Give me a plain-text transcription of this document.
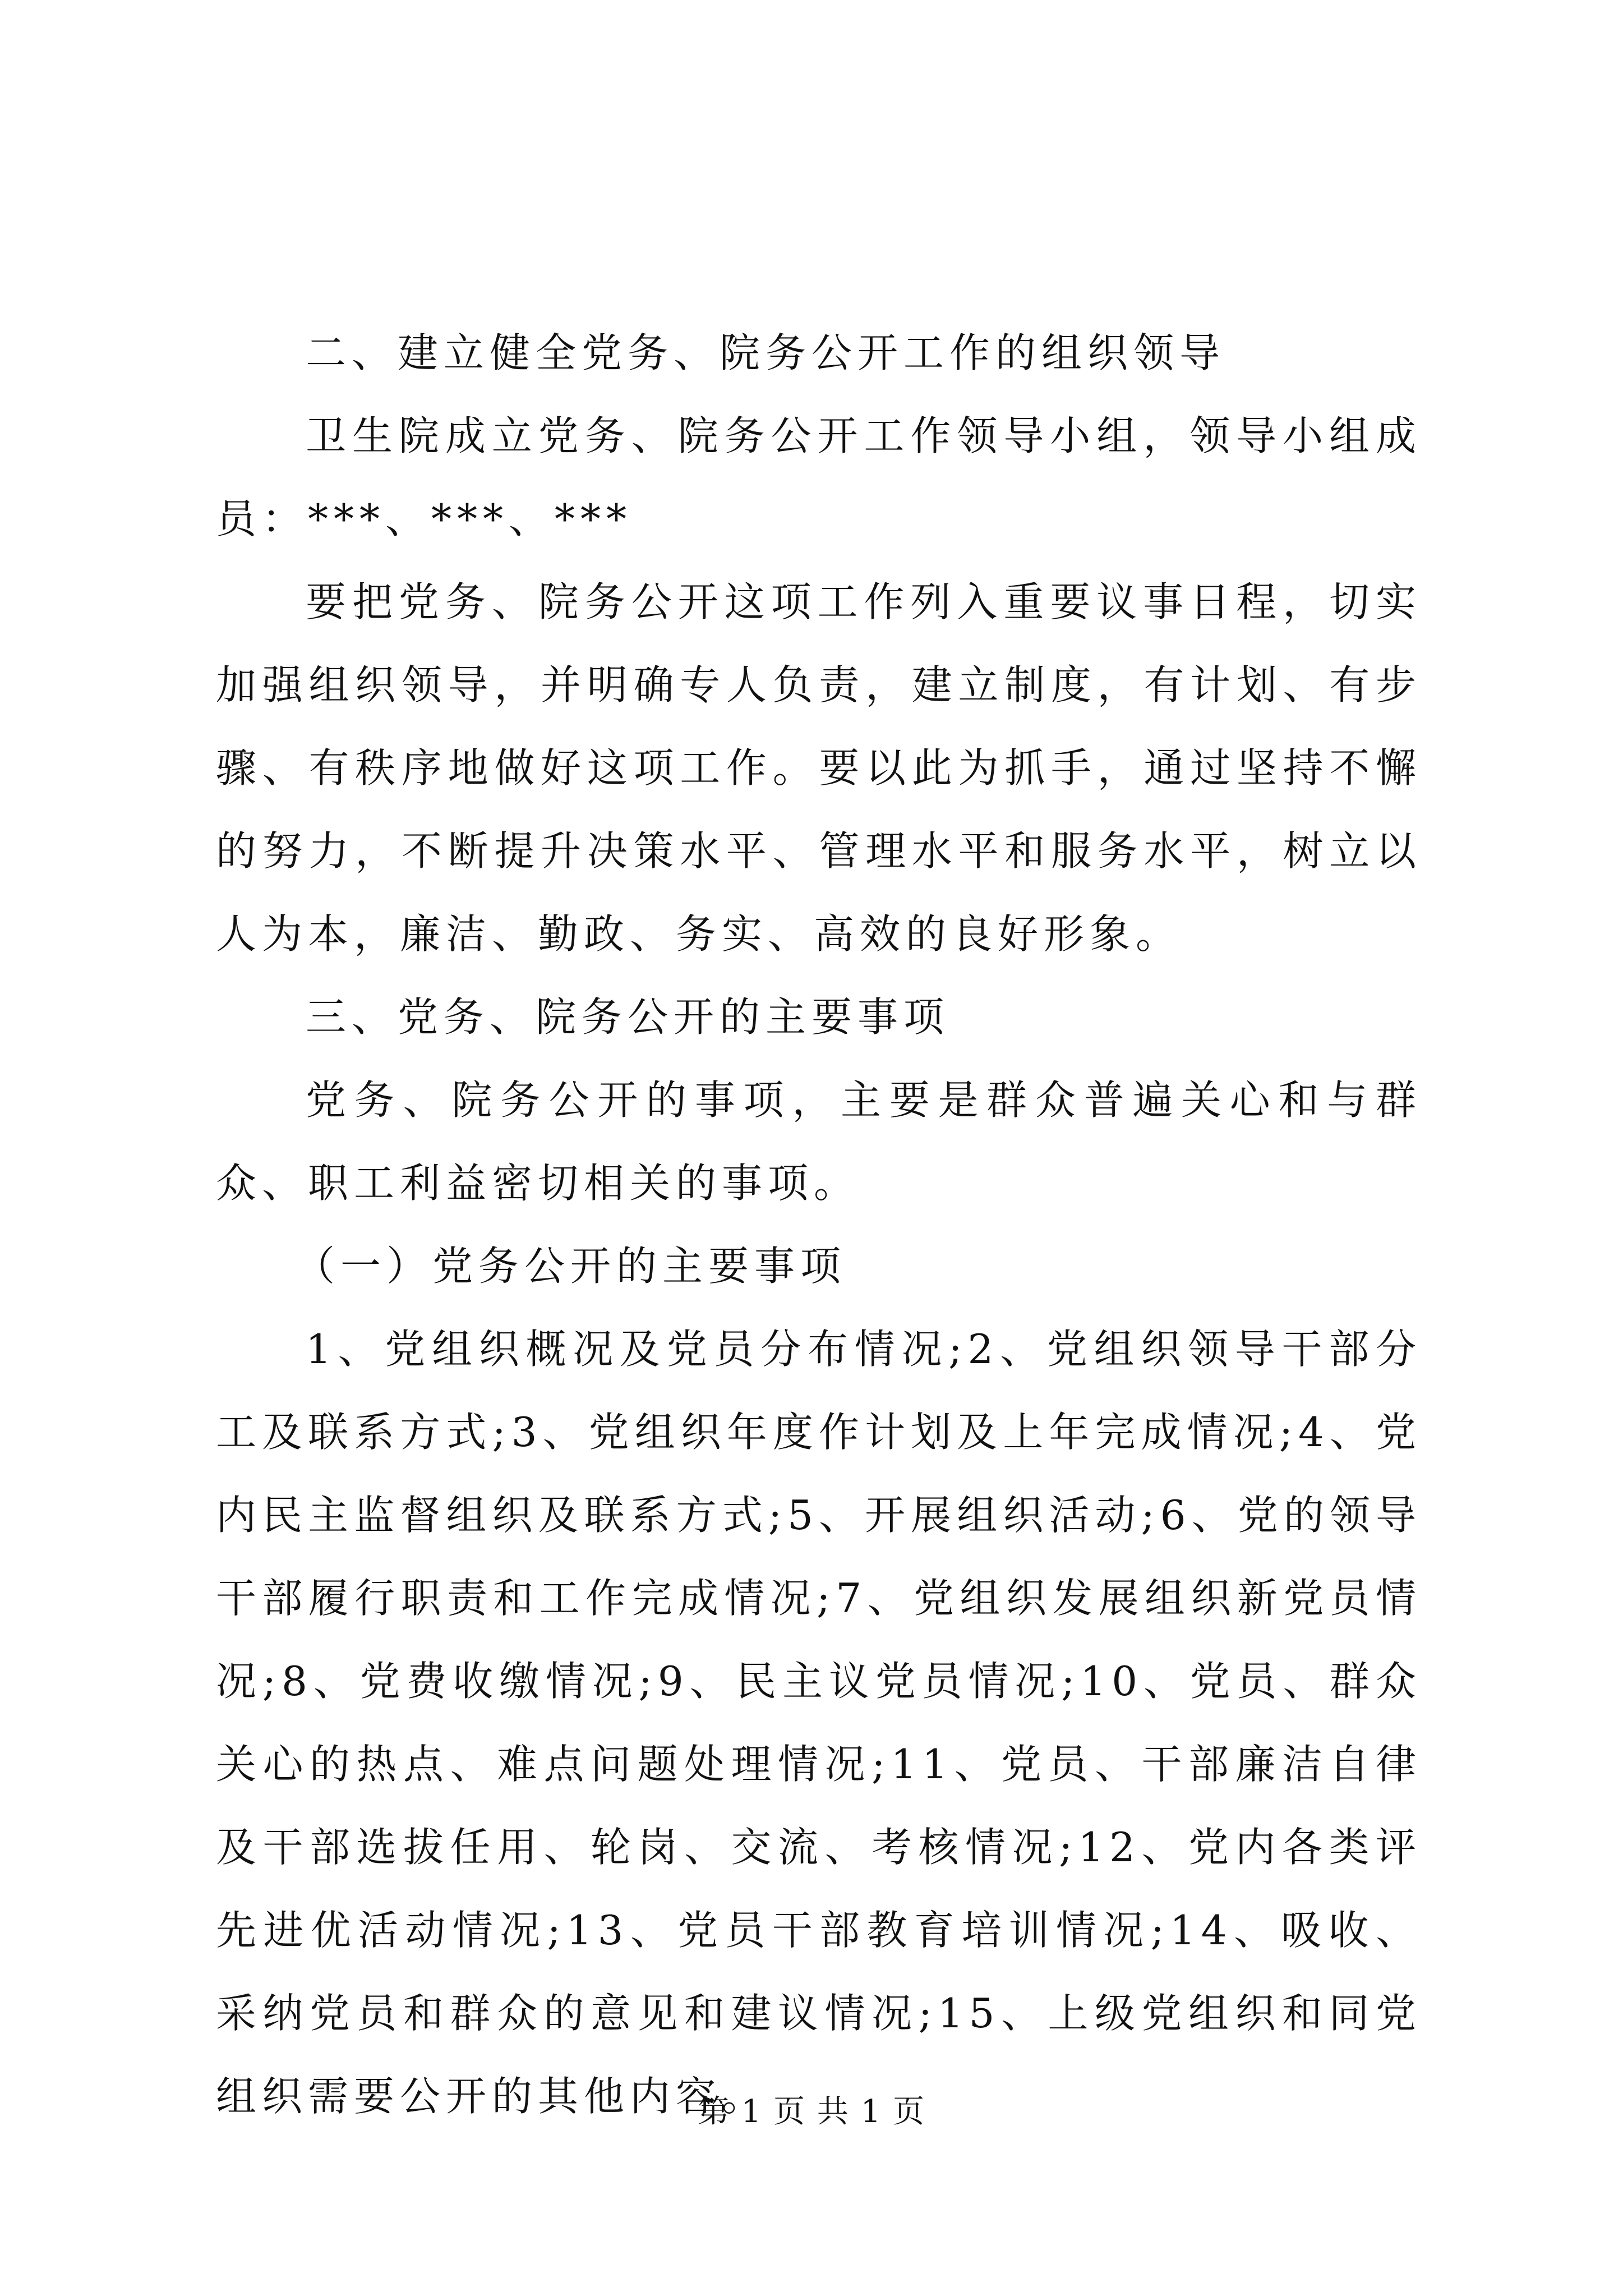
二、建立健全党务、院务公开工作的组织领导

卫生院成立党务、院务公开工作领导小组，领导小组成员：***、***、***

要把党务、院务公开这项工作列入重要议事日程，切实加强组织领导，并明确专人负责，建立制度，有计划、有步骤、有秩序地做好这项工作。要以此为抓手，通过坚持不懈的努力，不断提升决策水平、管理水平和服务水平，树立以人为本，廉洁、勤政、务实、高效的良好形象。

三、党务、院务公开的主要事项

党务、院务公开的事项，主要是群众普遍关心和与群众、职工利益密切相关的事项。

（一）党务公开的主要事项

1、党组织概况及党员分布情况;2、党组织领导干部分工及联系方式;3、党组织年度作计划及上年完成情况;4、党内民主监督组织及联系方式;5、开展组织活动;6、党的领导干部履行职责和工作完成情况;7、党组织发展组织新党员情况;8、党费收缴情况;9、民主议党员情况;10、党员、群众关心的热点、难点问题处理情况;11、党员、干部廉洁自律及干部选拔任用、轮岗、交流、考核情况;12、党内各类评先进优活动情况;13、党员干部教育培训情况;14、吸收、采纳党员和群众的意见和建议情况;15、上级党组织和同党组织需要公开的其他内容。

第 1 页 共 1 页
